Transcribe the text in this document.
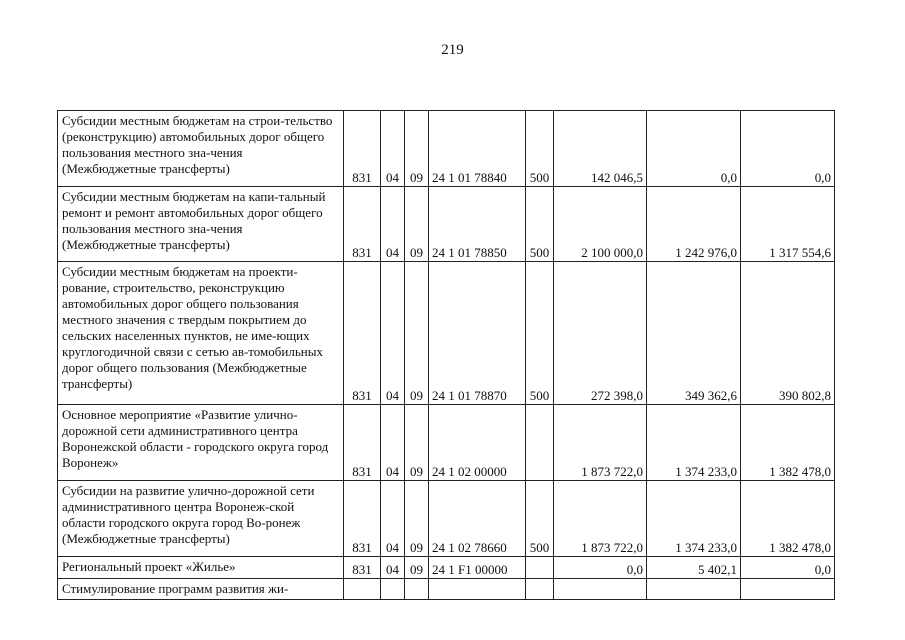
219
Субсидии местным бюджетам на строи-тельство (реконструкцию) автомобильных дорог общего пользования местного зна-чения (Межбюджетные трансферты)	831	04	09	24 1 01 78840	500	142 046,5	0,0	0,0
Субсидии местным бюджетам на капи-тальный ремонт и ремонт автомобильных дорог общего пользования местного зна-чения (Межбюджетные трансферты)	831	04	09	24 1 01 78850	500	2 100 000,0	1 242 976,0	1 317 554,6
Субсидии местным бюджетам на проекти-рование, строительство, реконструкцию автомобильных дорог общего пользования местного значения с твердым покрытием до сельских населенных пунктов, не име-ющих круглогодичной связи с сетью ав-томобильных дорог общего пользования (Межбюджетные трансферты)	831	04	09	24 1 01 78870	500	272 398,0	349 362,6	390 802,8
Основное мероприятие «Развитие улично-дорожной сети административного центра Воронежской области - городского округа город Воронеж»	831	04	09	24 1 02 00000		1 873 722,0	1 374 233,0	1 382 478,0
Субсидии на развитие улично-дорожной сети административного центра Воронеж-ской области городского округа город Во-ронеж (Межбюджетные трансферты)	831	04	09	24 1 02 78660	500	1 873 722,0	1 374 233,0	1 382 478,0
Региональный проект «Жилье»	831	04	09	24 1 F1 00000		0,0	5 402,1	0,0
Стимулирование программ развития жи-								
